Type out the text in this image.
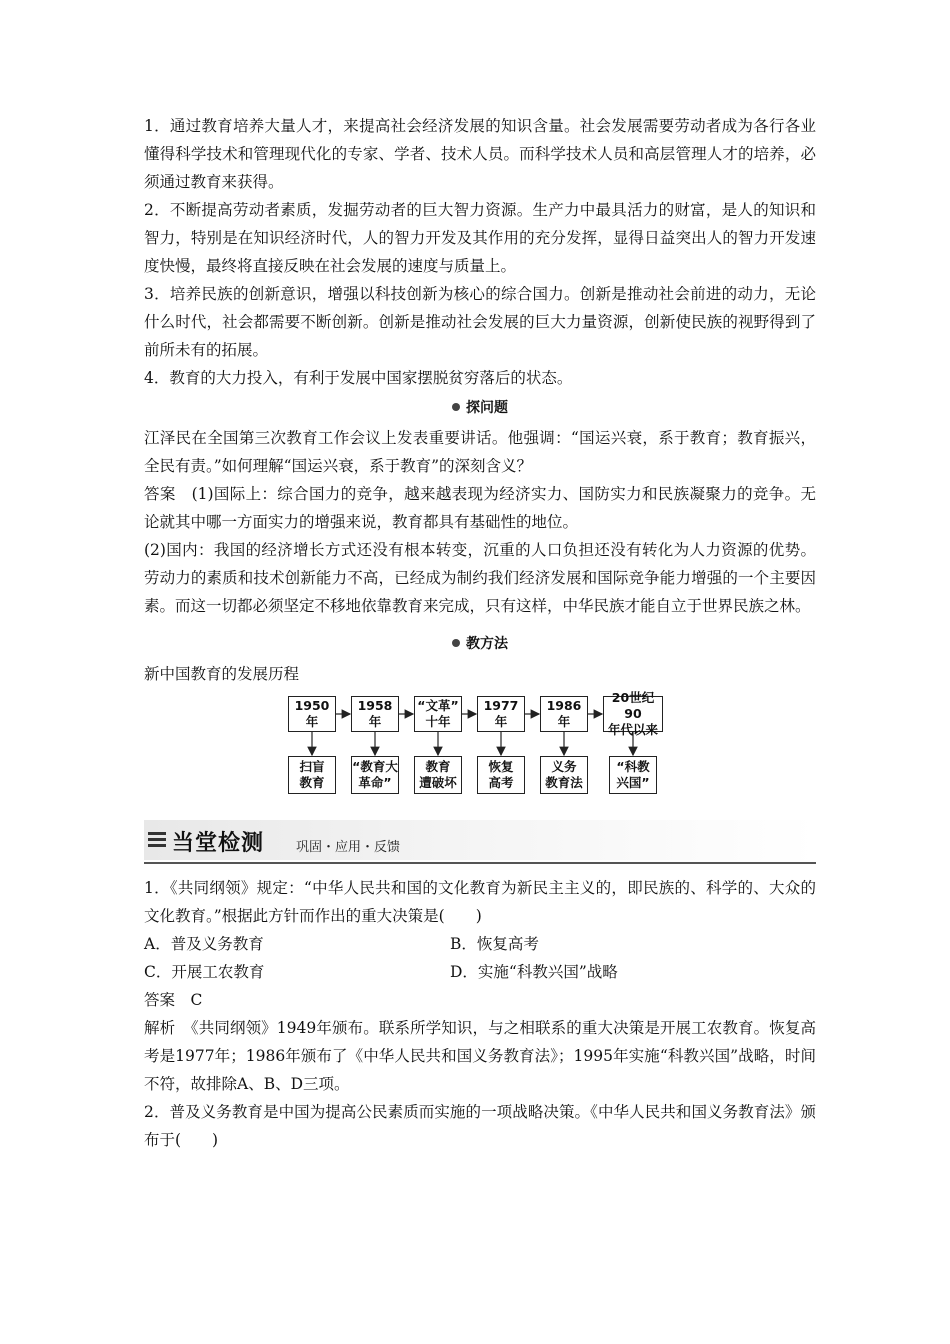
1．通过教育培养大量人才，来提高社会经济发展的知识含量。社会发展需要劳动者成为各行各业懂得科学技术和管理现代化的专家、学者、技术人员。而科学技术人员和高层管理人才的培养，必须通过教育来获得。

2．不断提高劳动者素质，发掘劳动者的巨大智力资源。生产力中最具活力的财富，是人的知识和智力，特别是在知识经济时代，人的智力开发及其作用的充分发挥，显得日益突出人的智力开发速度快慢，最终将直接反映在社会发展的速度与质量上。

3．培养民族的创新意识，增强以科技创新为核心的综合国力。创新是推动社会前进的动力，无论什么时代，社会都需要不断创新。创新是推动社会发展的巨大力量资源，创新使民族的视野得到了前所未有的拓展。

4．教育的大力投入，有利于发展中国家摆脱贫穷落后的状态。

探问题

江泽民在全国第三次教育工作会议上发表重要讲话。他强调：“国运兴衰，系于教育；教育振兴，全民有责。”如何理解“国运兴衰，系于教育”的深刻含义？

答案　(1)国际上：综合国力的竞争，越来越表现为经济实力、国防实力和民族凝聚力的竞争。无论就其中哪一方面实力的增强来说，教育都具有基础性的地位。

(2)国内：我国的经济增长方式还没有根本转变，沉重的人口负担还没有转化为人力资源的优势。劳动力的素质和技术创新能力不高，已经成为制约我们经济发展和国际竞争能力增强的一个主要因素。而这一切都必须坚定不移地依靠教育来完成，只有这样，中华民族才能自立于世界民族之林。

教方法

新中国教育的发展历程

1950年
扫盲
教育
1958年
“教育大
革命”
“文革”
十年
教育
遭破坏
1977年
恢复
高考
1986年
义务
教育法
20世纪90
年代以来
“科教
兴国”
当堂检测 巩固・应用・反馈

1．《共同纲领》规定：“中华人民共和国的文化教育为新民主主义的，即民族的、科学的、大众的文化教育。”根据此方针而作出的重大决策是(　　)

A．普及义务教育	B．恢复高考

C．开展工农教育	D．实施“科教兴国”战略

答案　C

解析　《共同纲领》1949年颁布。联系所学知识，与之相联系的重大决策是开展工农教育。恢复高考是1977年；1986年颁布了《中华人民共和国义务教育法》；1995年实施“科教兴国”战略，时间不符，故排除A、B、D三项。

2．普及义务教育是中国为提高公民素质而实施的一项战略决策。《中华人民共和国义务教育法》颁布于(　　)
